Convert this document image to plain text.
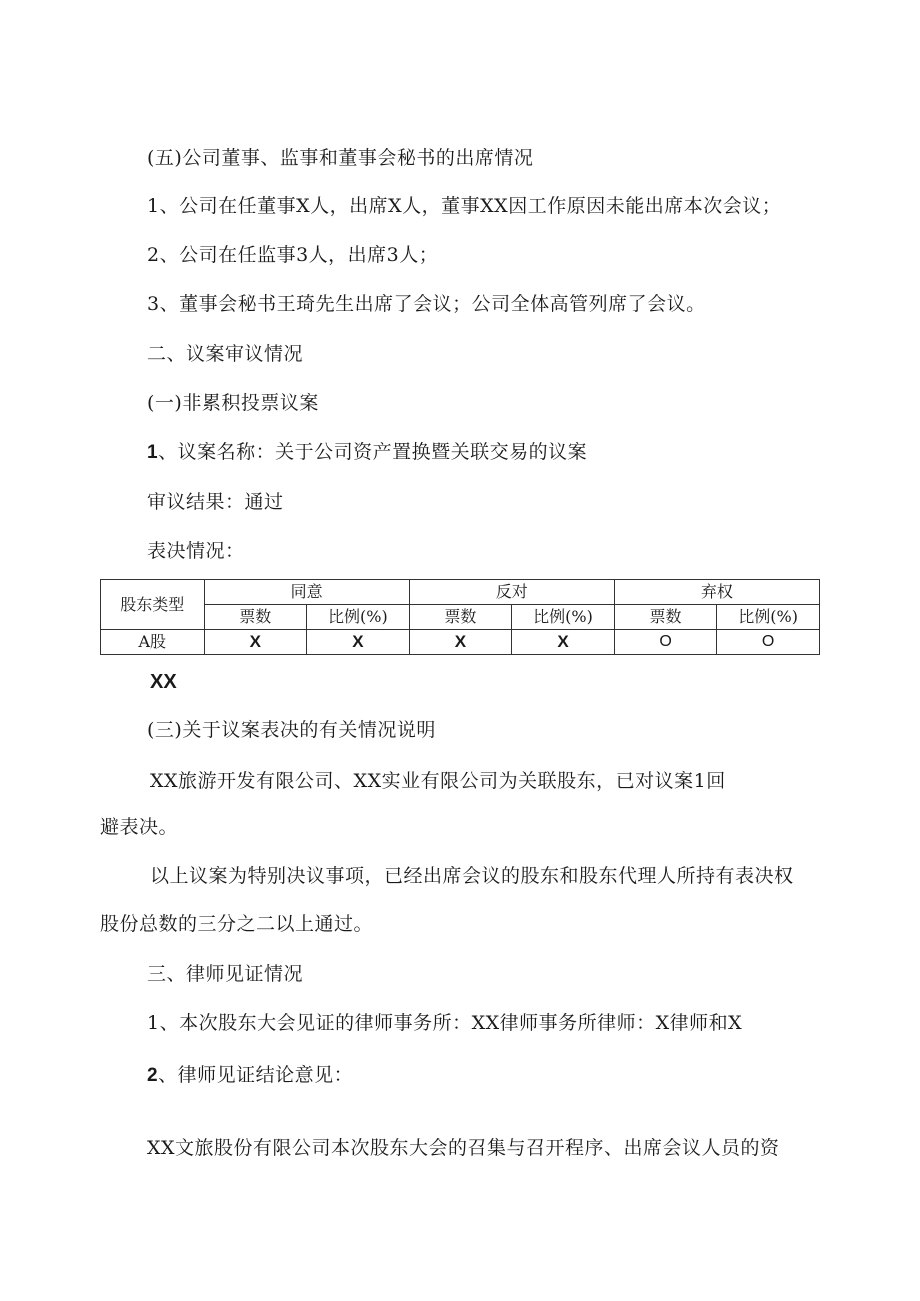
(五)公司董事、监事和董事会秘书的出席情况

1、公司在任董事X人，出席X人，董事XX因工作原因未能出席本次会议；

2、公司在任监事3人，出席3人；

3、董事会秘书王琦先生出席了会议；公司全体高管列席了会议。

二、议案审议情况

(一)非累积投票议案

1、议案名称：关于公司资产置换暨关联交易的议案

审议结果：通过

表决情况：

股东类型	同意		反对		弃权	
	票数	比例(%)	票数	比例(%)	票数	比例(%)
A股	X	X	X	X	O	O
XX

(三)关于议案表决的有关情况说明

XX旅游开发有限公司、XX实业有限公司为关联股东，已对议案1回

避表决。

以上议案为特别决议事项，已经出席会议的股东和股东代理人所持有表决权

股份总数的三分之二以上通过。

三、律师见证情况

1、本次股东大会见证的律师事务所：XX律师事务所律师：X律师和X

2、律师见证结论意见：

XX文旅股份有限公司本次股东大会的召集与召开程序、出席会议人员的资
